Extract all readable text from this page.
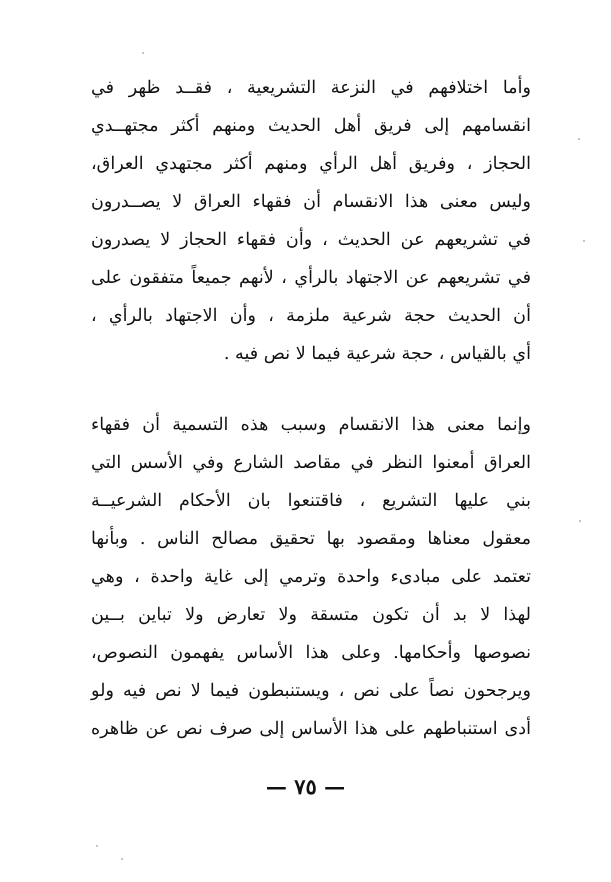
وأما اختلافهم في النزعة التشريعية ، فقــد ظهر في
انقسامهم إلى فريق أهل الحديث ومنهم أكثر مجتهــدي
الحجاز ، وفريق أهل الرأي ومنهم أكثر مجتهدي العراق،
وليس معنى هذا الانقسام أن فقهاء العراق لا يصــدرون
في تشريعهم عن الحديث ، وأن فقهاء الحجاز لا يصدرون
في تشريعهم عن الاجتهاد بالرأي ، لأنهم جميعاً متفقون على
أن الحديث حجة شرعية ملزمة ، وأن الاجتهاد بالرأي ،
أي بالقياس ، حجة شرعية فيما لا نص فيه .
وإنما معنى هذا الانقسام وسبب هذه التسمية أن فقهاء
العراق أمعنوا النظر في مقاصد الشارع وفي الأسس التي
بني عليها التشريع ، فاقتنعوا بان الأحكام الشرعيــة
معقول معناها ومقصود بها تحقيق مصالح الناس . وبأنها
تعتمد على مبادىء واحدة وترمي إلى غاية واحدة ، وهي
لهذا لا بد أن تكون متسقة ولا تعارض ولا تباين بــين
نصوصها وأحكامها. وعلى هذا الأساس يفهمون النصوص،
ويرجحون نصاً على نص ، ويستنبطون فيما لا نص فيه ولو
أدى استنباطهم على هذا الأساس إلى صرف نص عن ظاهره
— ٧٥ —
